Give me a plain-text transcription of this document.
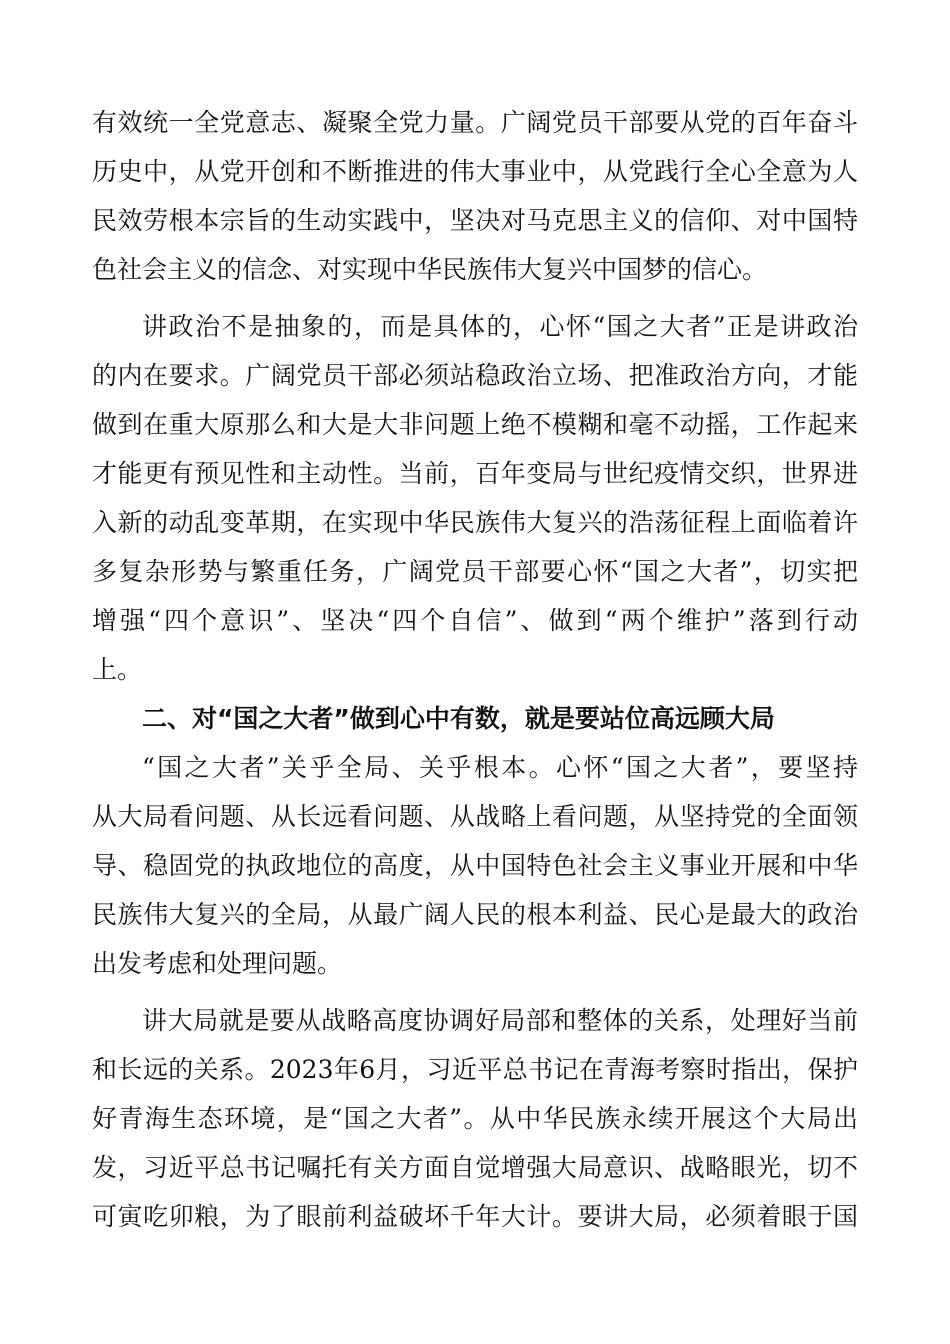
有效统一全党意志、凝聚全党力量。广阔党员干部要从党的百年奋斗
历史中，从党开创和不断推进的伟大事业中，从党践行全心全意为人
民效劳根本宗旨的生动实践中，坚决对马克思主义的信仰、对中国特
色社会主义的信念、对实现中华民族伟大复兴中国梦的信心。
讲政治不是抽象的，而是具体的，心怀“国之大者”正是讲政治
的内在要求。广阔党员干部必须站稳政治立场、把准政治方向，才能
做到在重大原那么和大是大非问题上绝不模糊和毫不动摇，工作起来
才能更有预见性和主动性。当前，百年变局与世纪疫情交织，世界进
入新的动乱变革期，在实现中华民族伟大复兴的浩荡征程上面临着许
多复杂形势与繁重任务，广阔党员干部要心怀“国之大者”，切实把
增强“四个意识”、坚决“四个自信”、做到“两个维护”落到行动
上。
二、对“国之大者”做到心中有数，就是要站位高远顾大局
“国之大者”关乎全局、关乎根本。心怀“国之大者”，要坚持
从大局看问题、从长远看问题、从战略上看问题，从坚持党的全面领
导、稳固党的执政地位的高度，从中国特色社会主义事业开展和中华
民族伟大复兴的全局，从最广阔人民的根本利益、民心是最大的政治
出发考虑和处理问题。
讲大局就是要从战略高度协调好局部和整体的关系，处理好当前
和长远的关系。2023年6月，习近平总书记在青海考察时指出，保护
好青海生态环境，是“国之大者”。从中华民族永续开展这个大局出
发，习近平总书记嘱托有关方面自觉增强大局意识、战略眼光，切不
可寅吃卯粮，为了眼前利益破坏千年大计。要讲大局，必须着眼于国
